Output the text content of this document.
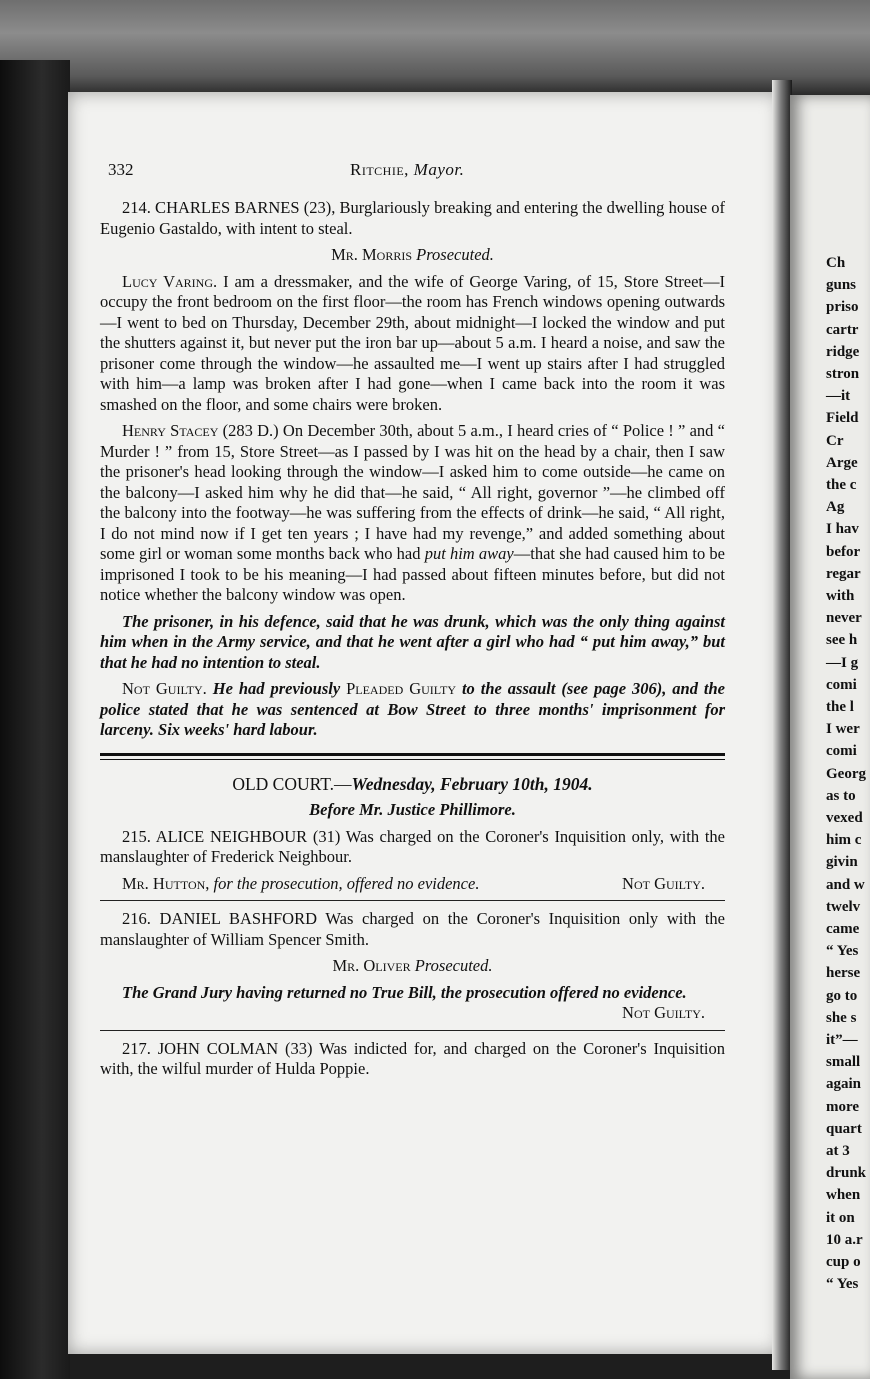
Ch
guns
priso
cartr
ridge
stron
—it
Field
Cr
Arge
the c
Ag
I hav
befor
regar
with
never
see h
—I g
comi
the l
I wer
comi
Georg
as to
vexed
him c
givin
and w
twelv
came
“ Yes
herse
go to
she s
it”—
small
again
more
quart
at 3
drunk
when
it on
10 a.r
cup o
“ Yes
332	Ritchie, Mayor.

214. CHARLES BARNES (23), Burglariously breaking and entering the dwelling house of Eugenio Gastaldo, with intent to steal.

Mr. Morris Prosecuted.

Lucy Varing. I am a dressmaker, and the wife of George Varing, of 15, Store Street—I occupy the front bedroom on the first floor—the room has French windows opening outwards—I went to bed on Thursday, December 29th, about midnight—I locked the window and put the shutters against it, but never put the iron bar up—about 5 a.m. I heard a noise, and saw the prisoner come through the window—he assaulted me—I went up stairs after I had struggled with him—a lamp was broken after I had gone—when I came back into the room it was smashed on the floor, and some chairs were broken.

Henry Stacey (283 D.) On December 30th, about 5 a.m., I heard cries of “ Police ! ” and “ Murder ! ” from 15, Store Street—as I passed by I was hit on the head by a chair, then I saw the prisoner's head looking through the window—I asked him to come outside—he came on the balcony—I asked him why he did that—he said, “ All right, governor ”—he climbed off the balcony into the footway—he was suffering from the effects of drink—he said, “ All right, I do not mind now if I get ten years ; I have had my revenge,” and added something about some girl or woman some months back who had put him away—that she had caused him to be imprisoned I took to be his meaning—I had passed about fifteen minutes before, but did not notice whether the balcony window was open.

The prisoner, in his defence, said that he was drunk, which was the only thing against him when in the Army service, and that he went after a girl who had “ put him away,” but that he had no intention to steal.

Not Guilty. He had previously Pleaded Guilty to the assault (see page 306), and the police stated that he was sentenced at Bow Street to three months' imprisonment for larceny. Six weeks' hard labour.

OLD COURT.—Wednesday, February 10th, 1904.

Before Mr. Justice Phillimore.

215. ALICE NEIGHBOUR (31) Was charged on the Coroner's Inquisition only, with the manslaughter of Frederick Neighbour.

Mr. Hutton, for the prosecution, offered no evidence.	Not Guilty.

216. DANIEL BASHFORD Was charged on the Coroner's Inquisition only with the manslaughter of William Spencer Smith.

Mr. Oliver Prosecuted.

The Grand Jury having returned no True Bill, the prosecution offered no evidence.
Not Guilty.

217. JOHN COLMAN (33) Was indicted for, and charged on the Coroner's Inquisition with, the wilful murder of Hulda Poppie.
